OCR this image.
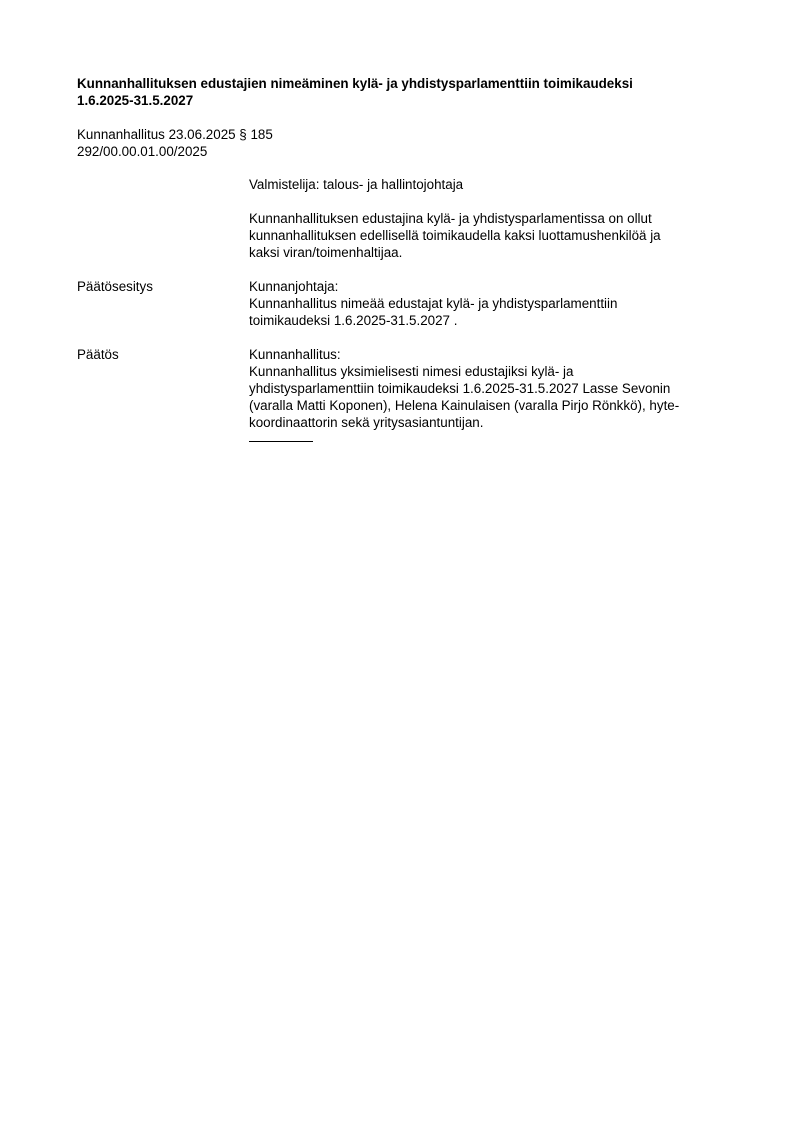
Kunnanhallituksen edustajien nimeäminen kylä- ja yhdistysparlamenttiin toimikaudeksi
1.6.2025-31.5.2027
Kunnanhallitus 23.06.2025 § 185
292/00.00.01.00/2025
Valmistelija: talous- ja hallintojohtaja
Kunnanhallituksen edustajina kylä- ja yhdistysparlamentissa on ollut
kunnanhallituksen edellisellä toimikaudella kaksi luottamushenkilöä ja
kaksi viran/toimenhaltijaa.
Päätösesitys	Kunnanjohtaja:
Kunnanhallitus nimeää edustajat kylä- ja yhdistysparlamenttiin
toimikaudeksi 1.6.2025-31.5.2027 .
Päätös	Kunnanhallitus:
Kunnanhallitus yksimielisesti nimesi edustajiksi kylä- ja
yhdistysparlamenttiin toimikaudeksi 1.6.2025-31.5.2027 Lasse Sevonin
(varalla Matti Koponen), Helena Kainulaisen (varalla Pirjo Rönkkö), hyte-
koordinaattorin sekä yritysasiantuntijan.
